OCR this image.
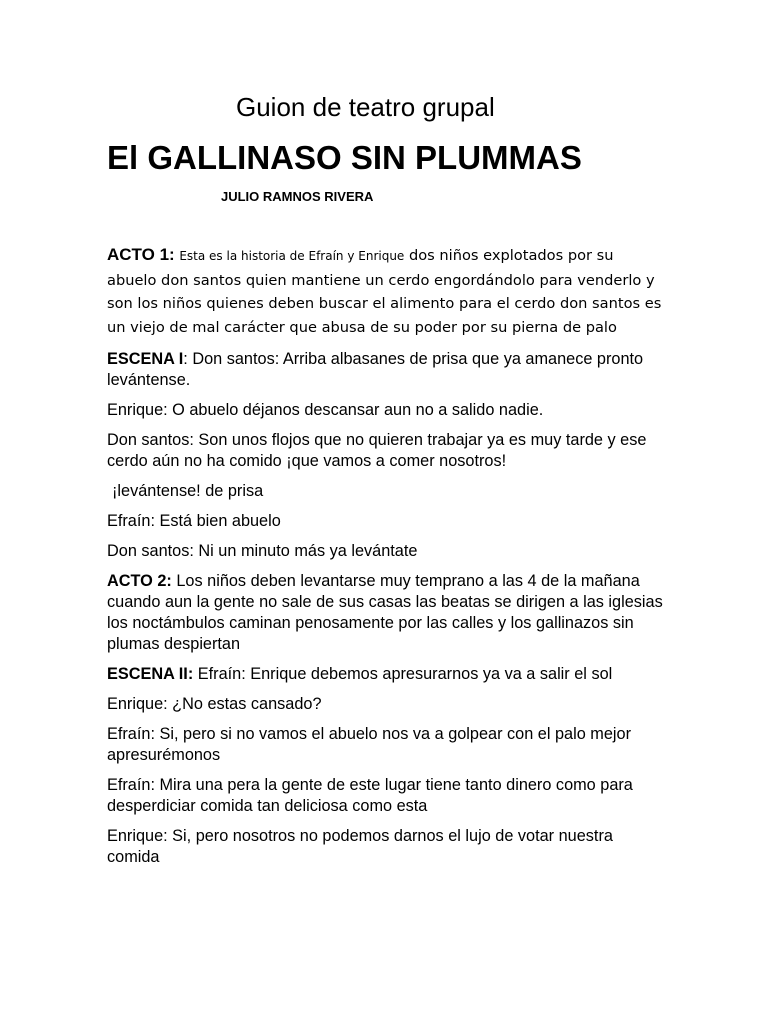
Guion de teatro grupal
El GALLINASO SIN PLUMMAS
JULIO RAMNOS RIVERA

ACTO 1: Esta es la historia de Efraín y Enrique dos niños explotados por su abuelo don santos quien mantiene un cerdo engordándolo para venderlo y son los niños quienes deben buscar el alimento para el cerdo don santos es un viejo de mal carácter que abusa de su poder por su pierna de palo

ESCENA I: Don santos: Arriba albasanes de prisa que ya amanece pronto levántense.

Enrique: O abuelo déjanos descansar aun no a salido nadie.

Don santos: Son unos flojos que no quieren trabajar ya es muy tarde y ese cerdo aún no ha comido ¡que vamos a comer nosotros!

¡levántense! de prisa

Efraín: Está bien abuelo

Don santos: Ni un minuto más ya levántate

ACTO 2: Los niños deben levantarse muy temprano a las 4 de la mañana cuando aun la gente no sale de sus casas las beatas se dirigen a las iglesias los noctámbulos caminan penosamente por las calles y los gallinazos sin plumas despiertan

ESCENA II: Efraín: Enrique debemos apresurarnos ya va a salir el sol

Enrique: ¿No estas cansado?

Efraín: Si, pero si no vamos el abuelo nos va a golpear con el palo mejor apresurémonos

Efraín: Mira una pera la gente de este lugar tiene tanto dinero como para desperdiciar comida tan deliciosa como esta

Enrique: Si, pero nosotros no podemos darnos el lujo de votar nuestra comida
